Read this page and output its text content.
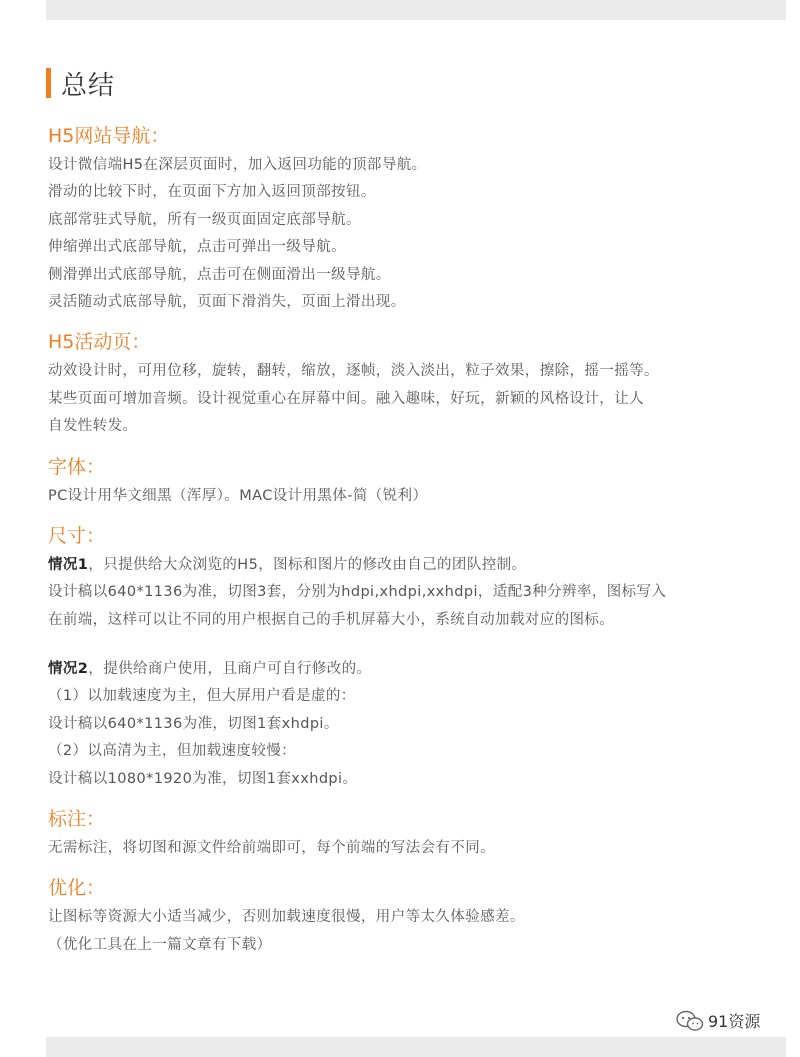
总结
H5网站导航：
设计微信端H5在深层页面时，加入返回功能的顶部导航。
滑动的比较下时，在页面下方加入返回顶部按钮。
底部常驻式导航，所有一级页面固定底部导航。
伸缩弹出式底部导航，点击可弹出一级导航。
侧滑弹出式底部导航，点击可在侧面滑出一级导航。
灵活随动式底部导航，页面下滑消失，页面上滑出现。
H5活动页：
动效设计时，可用位移，旋转，翻转，缩放，逐帧，淡入淡出，粒子效果，擦除，摇一摇等。
某些页面可增加音频。设计视觉重心在屏幕中间。融入趣味，好玩，新颖的风格设计，让人
自发性转发。
字体：
PC设计用华文细黑（浑厚）。MAC设计用黑体-简（锐利）
尺寸：
情况1，只提供给大众浏览的H5，图标和图片的修改由自己的团队控制。
设计稿以640*1136为准，切图3套，分别为hdpi,xhdpi,xxhdpi，适配3种分辨率，图标写入
在前端，这样可以让不同的用户根据自己的手机屏幕大小，系统自动加载对应的图标。
情况2，提供给商户使用，且商户可自行修改的。
（1）以加载速度为主，但大屏用户看是虚的：
设计稿以640*1136为准，切图1套xhdpi。
（2）以高清为主，但加载速度较慢：
设计稿以1080*1920为准，切图1套xxhdpi。
标注：
无需标注，将切图和源文件给前端即可，每个前端的写法会有不同。
优化：
让图标等资源大小适当减少，否则加载速度很慢，用户等太久体验感差。
（优化工具在上一篇文章有下载）
91资源
